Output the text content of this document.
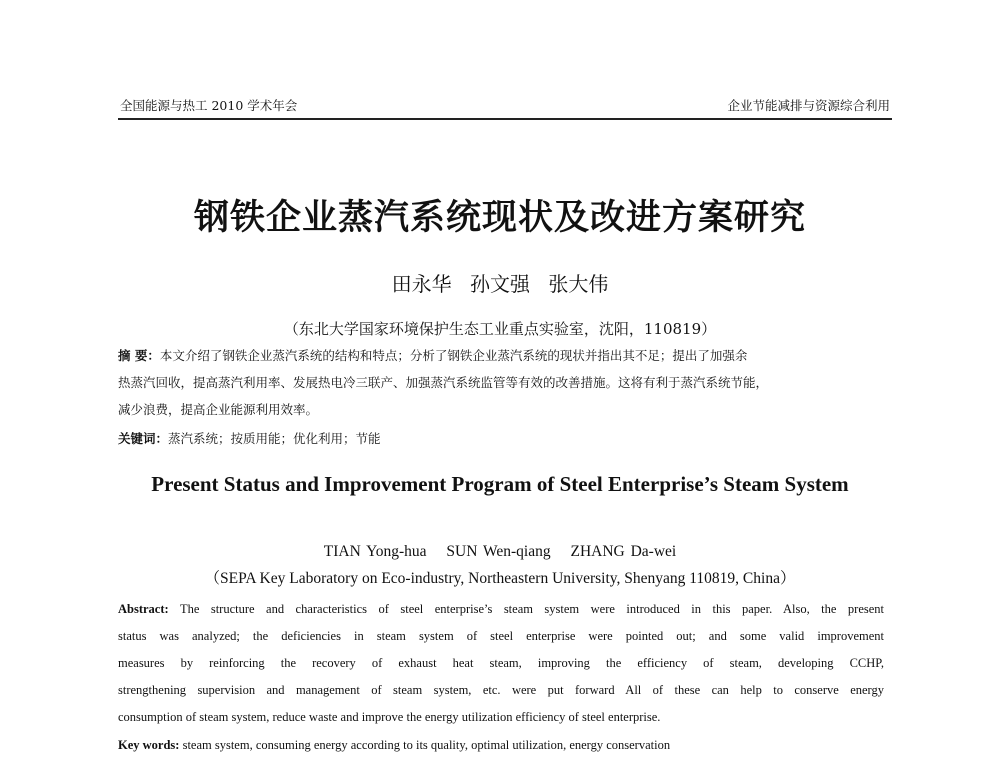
全国能源与热工 2010 学术年会	企业节能减排与资源综合利用
钢铁企业蒸汽系统现状及改进方案研究
田永华 孙文强 张大伟
（东北大学国家环境保护生态工业重点实验室，沈阳，110819）
摘 要：本文介绍了钢铁企业蒸汽系统的结构和特点；分析了钢铁企业蒸汽系统的现状并指出其不足；提出了加强余
热蒸汽回收，提高蒸汽利用率、发展热电冷三联产、加强蒸汽系统监管等有效的改善措施。这将有利于蒸汽系统节能，
减少浪费，提高企业能源利用效率。
关键词：蒸汽系统；按质用能；优化利用；节能
Present Status and Improvement Program of Steel Enterprise’s Steam System
TIAN Yong-hua SUN Wen-qiang ZHANG Da-wei
（SEPA Key Laboratory on Eco-industry, Northeastern University, Shenyang 110819, China）
Abstract: The structure and characteristics of steel enterprise’s steam system were introduced in this paper. Also, the present
status was analyzed; the deficiencies in steam system of steel enterprise were pointed out; and some valid improvement
measures by reinforcing the recovery of exhaust heat steam, improving the efficiency of steam, developing CCHP,
strengthening supervision and management of steam system, etc. were put forward All of these can help to conserve energy
consumption of steam system, reduce waste and improve the energy utilization efficiency of steel enterprise.
Key words: steam system, consuming energy according to its quality, optimal utilization, energy conservation
